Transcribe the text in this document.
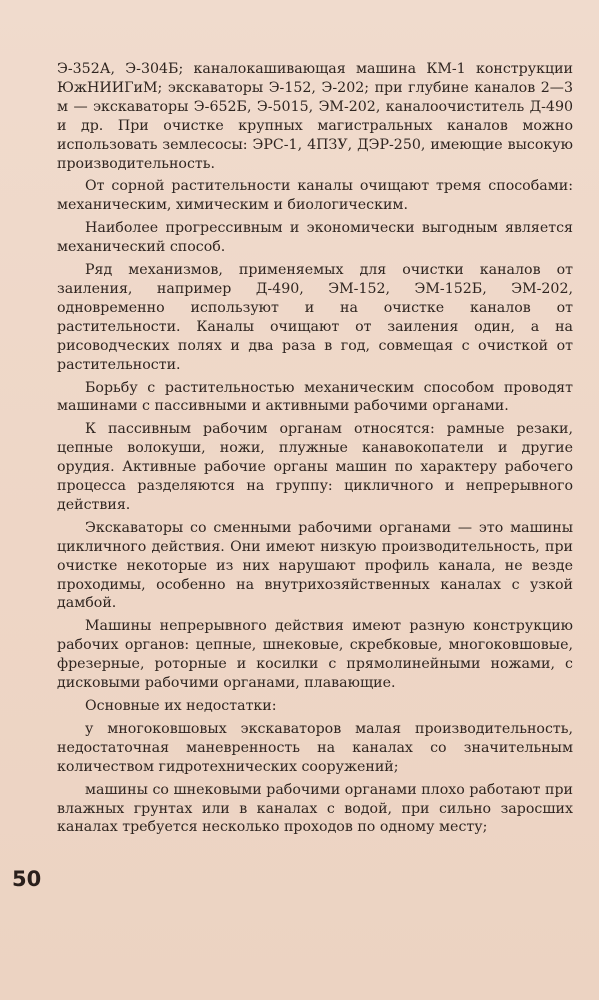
Э-352А, Э-304Б; каналокашивающая машина КМ-1 конструкции ЮжНИИГиМ; экскаваторы Э-152, Э-202; при глубине каналов 2—3 м — экскаваторы Э-652Б, Э-5015, ЭМ-202, каналоочиститель Д-490 и др. При очистке крупных магистральных каналов можно использовать землесосы: ЭРС-1, 4ПЗУ, ДЭР-250, имеющие высокую производительность.

От сорной растительности каналы очищают тремя способами: механическим, химическим и биологическим.

Наиболее прогрессивным и экономически выгодным является механический способ.

Ряд механизмов, применяемых для очистки каналов от заиления, например Д-490, ЭМ-152, ЭМ-152Б, ЭМ-202, одновременно используют и на очистке каналов от растительности. Каналы очищают от заиления один, а на рисоводческих полях и два раза в год, совмещая с очисткой от растительности.

Борьбу с растительностью механическим способом проводят машинами с пассивными и активными рабочими органами.

К пассивным рабочим органам относятся: рамные резаки, цепные волокуши, ножи, плужные канавокопатели и другие орудия. Активные рабочие органы машин по характеру рабочего процесса разделяются на группу: цикличного и непрерывного действия.

Экскаваторы со сменными рабочими органами — это машины цикличного действия. Они имеют низкую производительность, при очистке некоторые из них нарушают профиль канала, не везде проходимы, особенно на внутрихозяйственных каналах с узкой дамбой.

Машины непрерывного действия имеют разную конструкцию рабочих органов: цепные, шнековые, скребковые, многоковшовые, фрезерные, роторные и косилки с прямолинейными ножами, с дисковыми рабочими органами, плавающие.

Основные их недостатки:

у многоковшовых экскаваторов малая производительность, недостаточная маневренность на каналах со значительным количеством гидротехнических сооружений;

машины со шнековыми рабочими органами плохо работают при влажных грунтах или в каналах с водой, при сильно заросших каналах требуется несколько проходов по одному месту;

50
